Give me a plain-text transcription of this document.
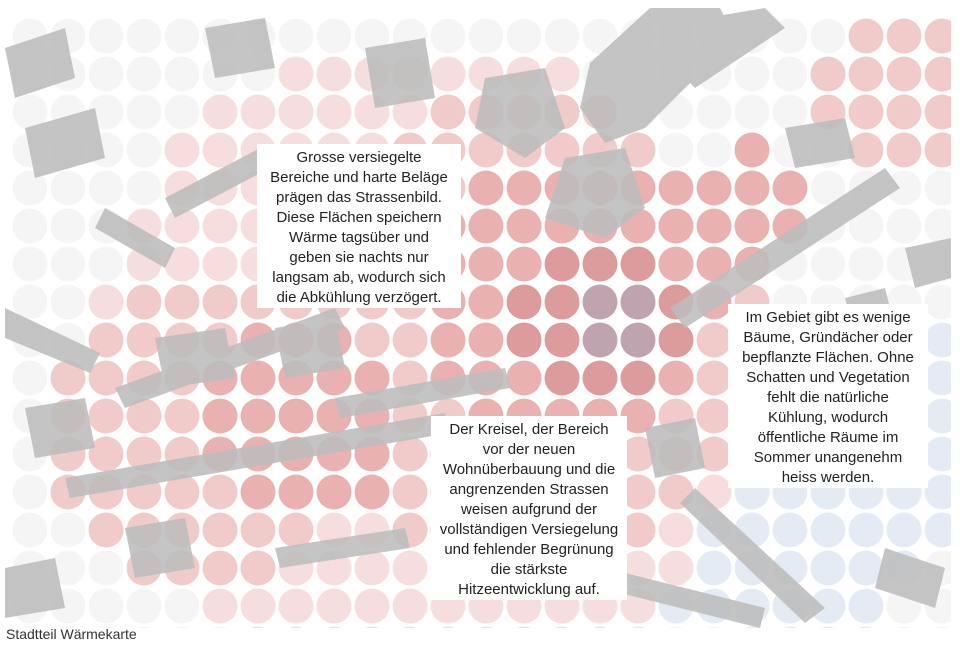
Grosse versiegelte
Bereiche und harte Beläge
prägen das Strassenbild.
Diese Flächen speichern
Wärme tagsüber und
geben sie nachts nur
langsam ab, wodurch sich
die Abkühlung verzögert.
Der Kreisel, der Bereich
vor der neuen
Wohnüberbauung und die
angrenzenden Strassen
weisen aufgrund der
vollständigen Versiegelung
und fehlender Begrünung
die stärkste
Hitzeentwicklung auf.
Im Gebiet gibt es wenige
Bäume, Gründächer oder
bepflanzte Flächen. Ohne
Schatten und Vegetation
fehlt die natürliche
Kühlung, wodurch
öffentliche Räume im
Sommer unangenehm
heiss werden.
Stadtteil Wärmekarte
